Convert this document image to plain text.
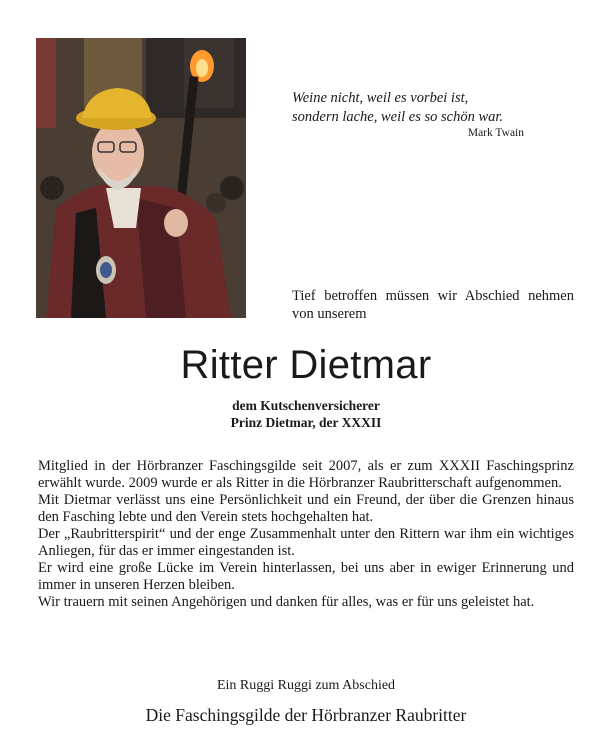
Weine nicht, weil es vorbei ist,
sondern lache, weil es so schön war.
Mark Twain
Tief betroffen müssen wir Abschied nehmen von unserem
Ritter Dietmar
dem Kutschenversicherer
Prinz Dietmar, der XXXII

Mitglied in der Hörbranzer Faschingsgilde seit 2007, als er zum XXXII Faschingsprinz erwählt wurde. 2009 wurde er als Ritter in die Hörbranzer Raubritterschaft aufgenommen.

Mit Dietmar verlässt uns eine Persönlichkeit und ein Freund, der über die Grenzen hinaus den Fasching lebte und den Verein stets hochgehalten hat.

Der „Raubritterspirit“ und der enge Zusammenhalt unter den Rittern war ihm ein wichtiges Anliegen, für das er immer eingestanden ist.

Er wird eine große Lücke im Verein hinterlassen, bei uns aber in ewiger Erinnerung und immer in unseren Herzen bleiben.

Wir trauern mit seinen Angehörigen und danken für alles, was er für uns geleistet hat.

Ein Ruggi Ruggi zum Abschied
Die Faschingsgilde der Hörbranzer Raubritter
